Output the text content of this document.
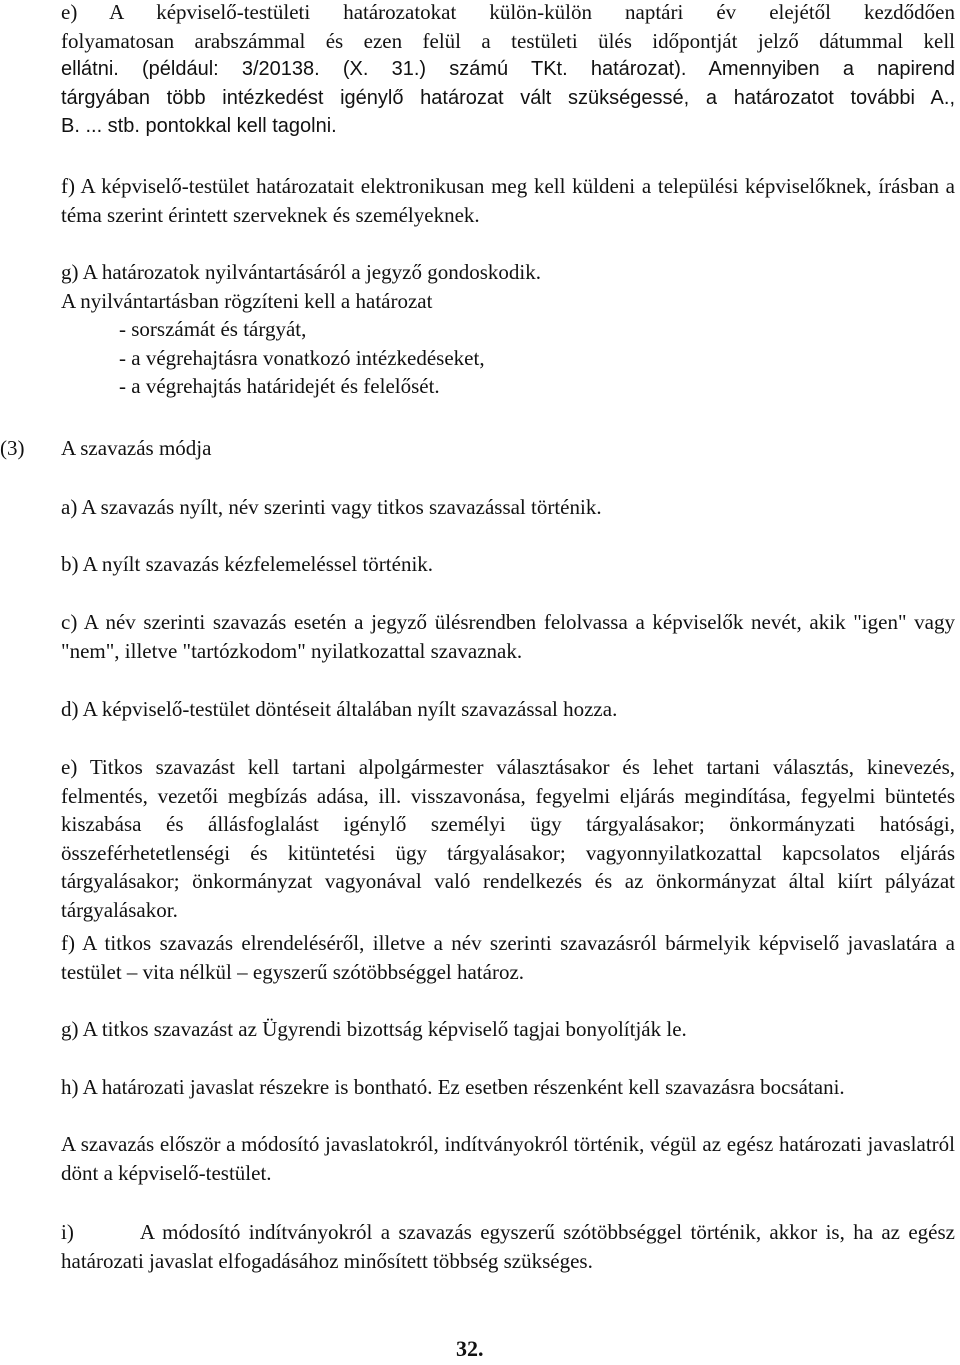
e) A képviselő-testületi határozatokat külön-külön naptári év elejétől kezdődően
folyamatosan arabszámmal és ezen felül a testületi ülés időpontját jelző dátummal kell
ellátni. (például: 3/20138. (X. 31.) számú TKt. határozat). Amennyiben a napirend
tárgyában több intézkedést igénylő határozat vált szükségessé, a határozatot további A.,
B. ... stb. pontokkal kell tagolni.

f) A képviselő-testület határozatait elektronikusan meg kell küldeni a települési képviselőknek, írásban a téma szerint érintett szerveknek és személyeknek.

g) A határozatok nyilvántartásáról a jegyző gondoskodik.
A nyilvántartásban rögzíteni kell a határozat
- sorszámát és tárgyát,
- a végrehajtásra vonatkozó intézkedéseket,
- a végrehajtás határidejét és felelősét.
(3) A szavazás módja

a) A szavazás nyílt, név szerinti vagy titkos szavazással történik.

b) A nyílt szavazás kézfelemeléssel történik.

c) A név szerinti szavazás esetén a jegyző ülésrendben felolvassa a képviselők nevét, akik "igen" vagy "nem", illetve "tartózkodom" nyilatkozattal szavaznak.

d) A képviselő-testület döntéseit általában nyílt szavazással hozza.

e) Titkos szavazást kell tartani alpolgármester választásakor és lehet tartani választás, kinevezés, felmentés, vezetői megbízás adása, ill. visszavonása, fegyelmi eljárás megindítása, fegyelmi büntetés kiszabása és állásfoglalást igénylő személyi ügy tárgyalásakor; önkormányzati hatósági, összeférhetetlenségi és kitüntetési ügy tárgyalásakor; vagyonnyilatkozattal kapcsolatos eljárás tárgyalásakor; önkormányzat vagyonával való rendelkezés és az önkormányzat által kiírt pályázat tárgyalásakor.

f) A titkos szavazás elrendeléséről, illetve a név szerinti szavazásról bármelyik képviselő javaslatára a testület – vita nélkül – egyszerű szótöbbséggel határoz.

g) A titkos szavazást az Ügyrendi bizottság képviselő tagjai bonyolítják le.

h) A határozati javaslat részekre is bontható. Ez esetben részenként kell szavazásra bocsátani.

A szavazás először a módosító javaslatokról, indítványokról történik, végül az egész határozati javaslatról dönt a képviselő-testület.

i)	A módosító indítványokról a szavazás egyszerű szótöbbséggel történik, akkor is, ha az egész határozati javaslat elfogadásához minősített többség szükséges.

32.
